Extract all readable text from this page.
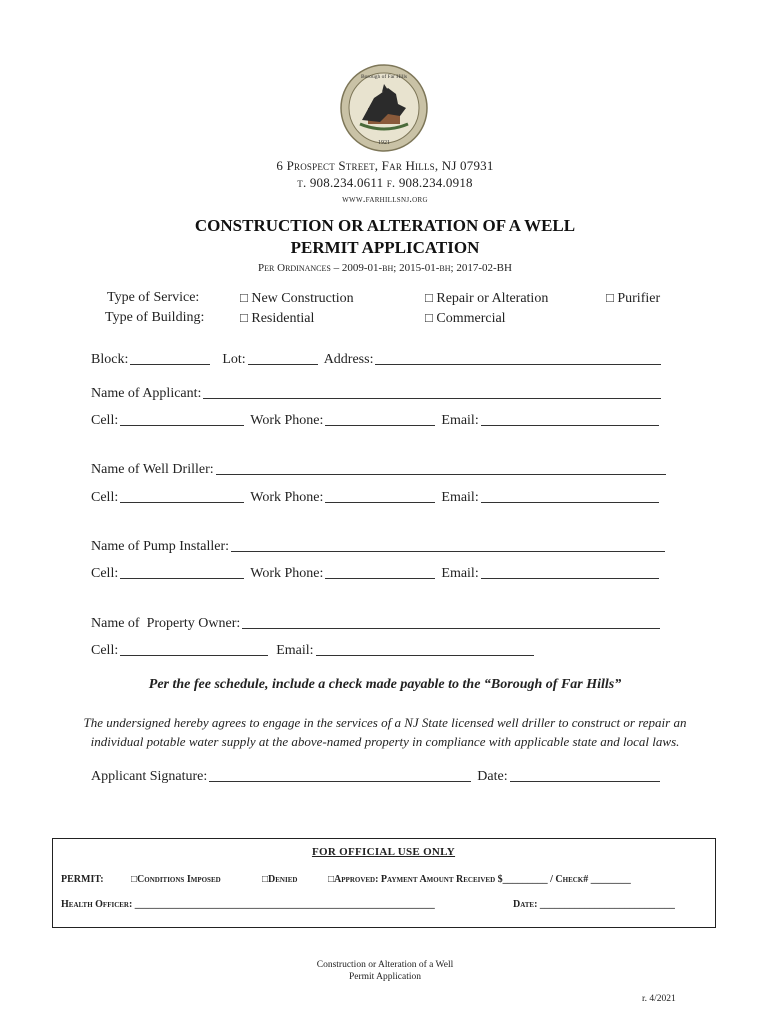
1921
Borough of Far Hills
6 Prospect Street, Far Hills, NJ 07931
t. 908.234.0611 f. 908.234.0918
www.farhillsnj.org
CONSTRUCTION OR ALTERATION OF A WELL
PERMIT APPLICATION
Per Ordinances – 2009-01-bh; 2015-01-bh; 2017-02-BH
Type of Service:	□ New Construction	□ Repair or Alteration	□ Purifier
Type of Building:	□ Residential	□ Commercial
Block:	Lot:	Address:
Name of Applicant:
Cell:	Work Phone:	Email:
Name of Well Driller:
Cell:	Work Phone:	Email:
Name of Pump Installer:
Cell:	Work Phone:	Email:
Name of  Property Owner:
Cell:	Email:
Per the fee schedule, include a check made payable to the “Borough of Far Hills”
The undersigned hereby agrees to engage in the services of a NJ State licensed well driller to construct or repair an
individual potable water supply at the above-named property in compliance with applicable state and local laws.
Applicant Signature:	Date:
FOR OFFICIAL USE ONLY
PERMIT:	□Conditions Imposed	□Denied	□Approved: Payment Amount Received $_________ / Check# ________
Health Officer: ____________________________________________________________	Date: ___________________________
Construction or Alteration of a Well
Permit Application
r. 4/2021
